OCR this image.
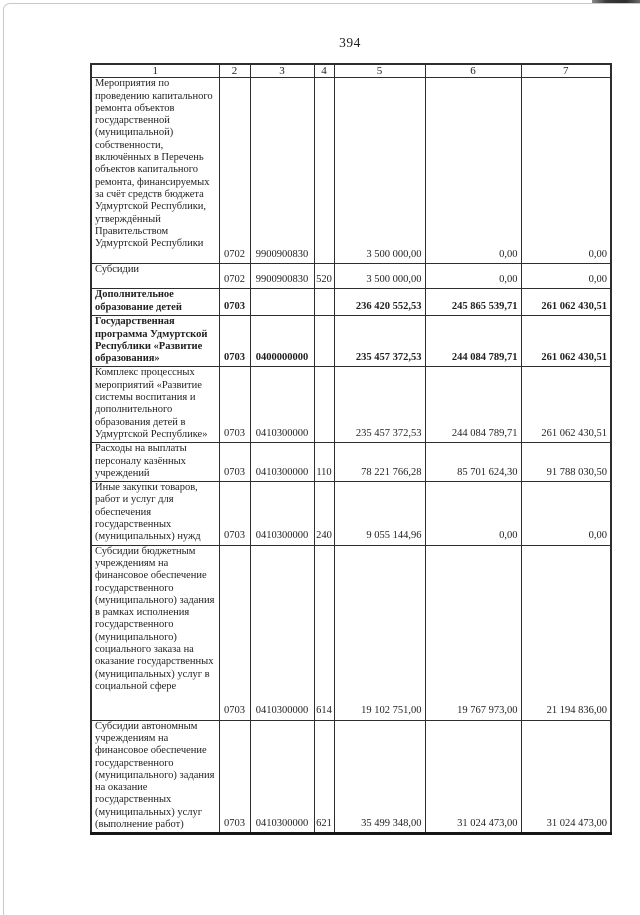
394
1	2	3	4	5	6	7
Мероприятия по проведению капитального ремонта объектов государственной (муниципальной) собственности, включённых в Перечень объектов капитального ремонта, финансируемых за счёт средств бюджета Удмуртской Республики, утверждённый Правительством Удмуртской Республики	0702	9900900830		3 500 000,00	0,00	0,00
Субсидии	0702	9900900830	520	3 500 000,00	0,00	0,00
Дополнительное образование детей	0703			236 420 552,53	245 865 539,71	261 062 430,51
Государственная программа Удмуртской Республики «Развитие образования»	0703	0400000000		235 457 372,53	244 084 789,71	261 062 430,51
Комплекс процессных мероприятий «Развитие системы воспитания и дополнительного образования детей в Удмуртской Республике»	0703	0410300000		235 457 372,53	244 084 789,71	261 062 430,51
Расходы на выплаты персоналу казённых учреждений	0703	0410300000	110	78 221 766,28	85 701 624,30	91 788 030,50
Иные закупки товаров, работ и услуг для обеспечения государственных (муниципальных) нужд	0703	0410300000	240	9 055 144,96	0,00	0,00
Субсидии бюджетным учреждениям на финансовое обеспечение государственного (муниципального) задания в рамках исполнения государственного (муниципального) социального заказа на оказание государственных (муниципальных) услуг в социальной сфере	0703	0410300000	614	19 102 751,00	19 767 973,00	21 194 836,00
Субсидии автономным учреждениям на финансовое обеспечение государственного (муниципального) задания на оказание государственных (муниципальных) услуг (выполнение работ)	0703	0410300000	621	35 499 348,00	31 024 473,00	31 024 473,00
